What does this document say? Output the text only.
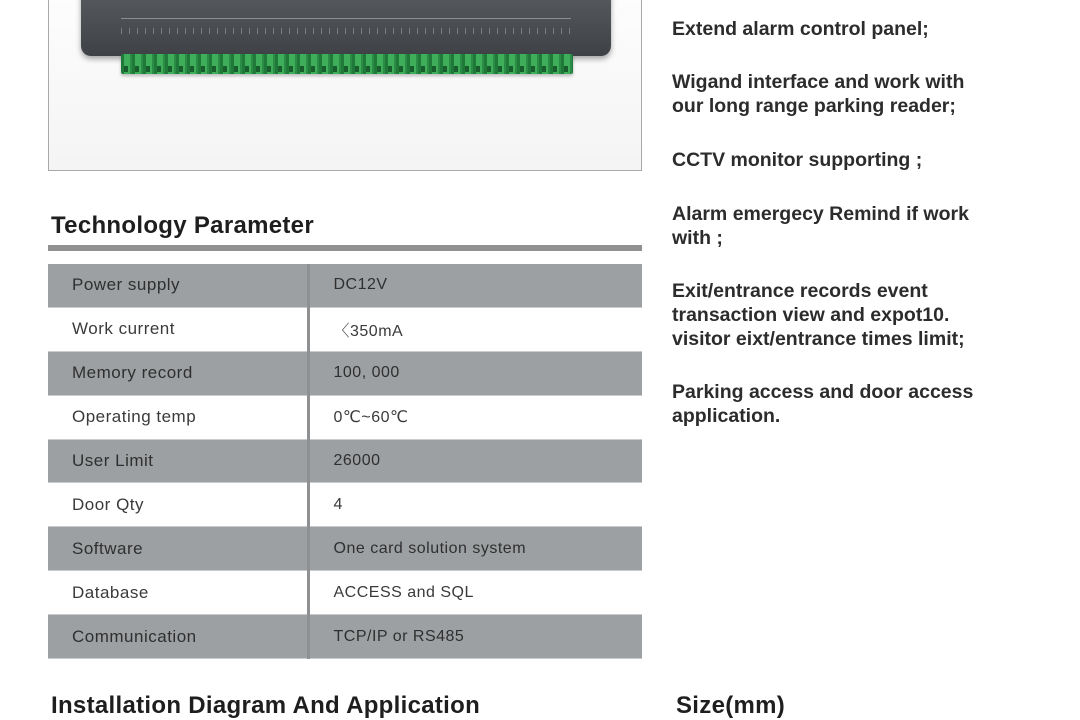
Technology Parameter
Power supply	DC12V
Work current	〈350mA
Memory record	100, 000
Operating temp	0℃~60℃
User Limit	26000
Door Qty	4
Software	One card solution system
Database	ACCESS and SQL
Communication	TCP/IP or RS485
Extend alarm control panel;
Wigand interface and work with
our long range parking reader;
CCTV monitor supporting ;
Alarm emergecy Remind if work
with ;
Exit/entrance records event
transaction view and expot10.
visitor eixt/entrance times limit;
Parking access and door access
application.
Installation Diagram And Application	Size(mm)
